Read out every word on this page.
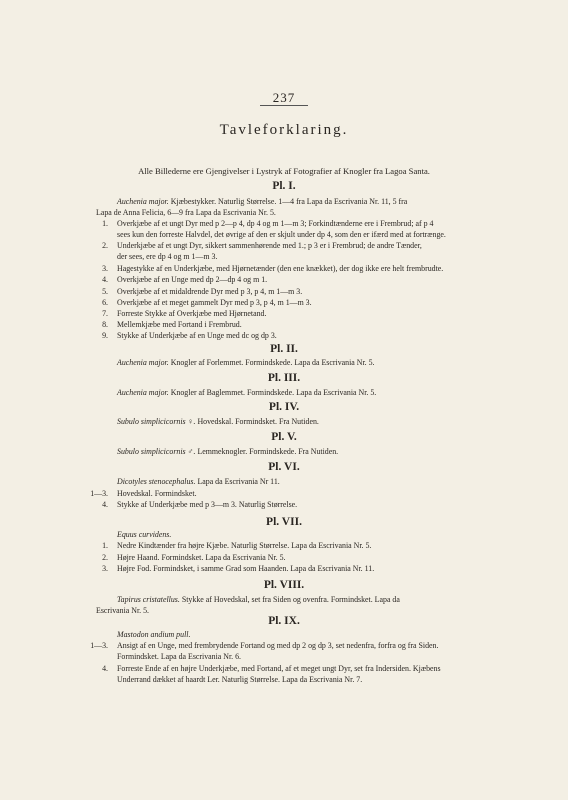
237
Tavleforklaring.
Alle Billederne ere Gjengivelser i Lystryk af Fotografier af Knogler fra Lagoa Santa.
Pl. I.
Auchenia major. Kjæbestykker. Naturlig Størrelse. 1—4 fra Lapa da Escrivania Nr. 11, 5 fra
Lapa de Anna Felicia, 6—9 fra Lapa da Escrivania Nr. 5.
1. Overkjæbe af et ungt Dyr med p 2—p 4, dp 4 og m 1—m 3; Forkindtænderne ere i Frembrud; af p 4
sees kun den forreste Halvdel, det øvrige af den er skjult under dp 4, som den er ifærd med at fortrænge.
2. Underkjæbe af et ungt Dyr, sikkert sammenhørende med 1.; p 3 er i Frembrud; de andre Tænder,
der sees, ere dp 4 og m 1—m 3.
3. Hagestykke af en Underkjæbe, med Hjørnetænder (den ene knækket), der dog ikke ere helt frembrudte.
4. Overkjæbe af en Unge med dp 2—dp 4 og m 1.
5. Overkjæbe af et midaldrende Dyr med p 3, p 4, m 1—m 3.
6. Overkjæbe af et meget gammelt Dyr med p 3, p 4, m 1—m 3.
7. Forreste Stykke af Overkjæbe med Hjørnetand.
8. Mellemkjæbe med Fortand i Frembrud.
9. Stykke af Underkjæbe af en Unge med dc og dp 3.
Pl. II.
Auchenia major. Knogler af Forlemmet. Formindskede. Lapa da Escrivania Nr. 5.
Pl. III.
Auchenia major. Knogler af Baglemmet. Formindskede. Lapa da Escrivania Nr. 5.
Pl. IV.
Subulo simplicicornis ♀. Hovedskal. Formindsket. Fra Nutiden.
Pl. V.
Subulo simplicicornis ♂. Lemmeknogler. Formindskede. Fra Nutiden.
Pl. VI.
Dicotyles stenocephalus. Lapa da Escrivania Nr 11.
1—3. Hovedskal. Formindsket.
4. Stykke af Underkjæbe med p 3—m 3. Naturlig Størrelse.
Pl. VII.
Equus curvidens.
1. Nedre Kindtænder fra højre Kjæbe. Naturlig Størrelse. Lapa da Escrivania Nr. 5.
2. Højre Haand. Formindsket. Lapa da Escrivania Nr. 5.
3. Højre Fod. Formindsket, i samme Grad som Haanden. Lapa da Escrivania Nr. 11.
Pl. VIII.
Tapirus cristatellus. Stykke af Hovedskal, set fra Siden og ovenfra. Formindsket. Lapa da
Escrivania Nr. 5.
Pl. IX.
Mastodon andium pull.
1—3. Ansigt af en Unge, med frembrydende Fortand og med dp 2 og dp 3, set nedenfra, forfra og fra Siden.
Formindsket. Lapa da Escrivania Nr. 6.
4. Forreste Ende af en højre Underkjæbe, med Fortand, af et meget ungt Dyr, set fra Indersiden. Kjæbens
Underrand dækket af haardt Ler. Naturlig Størrelse. Lapa da Escrivania Nr. 7.
